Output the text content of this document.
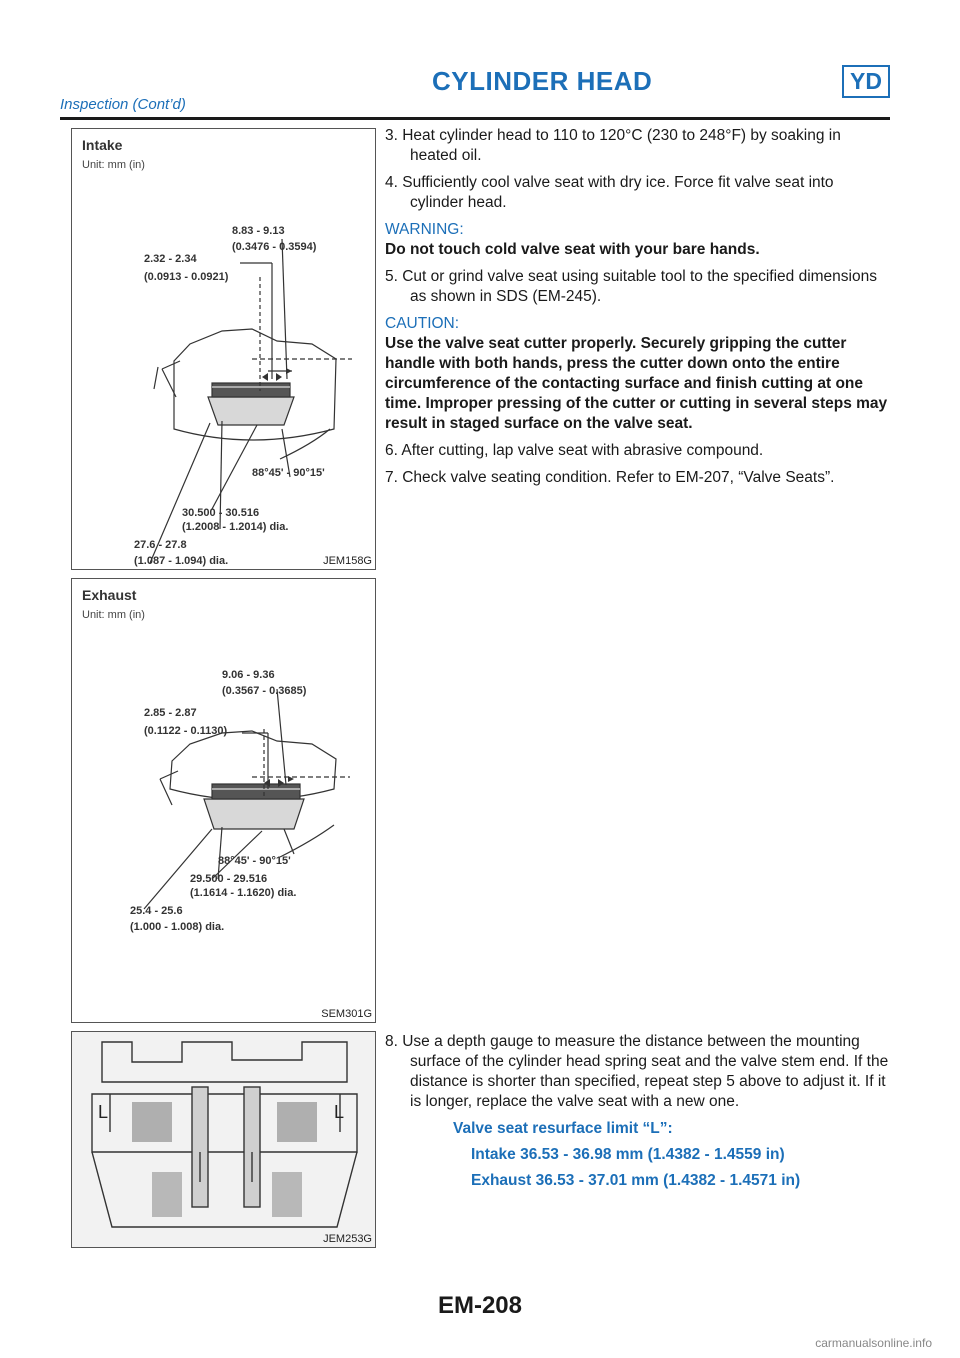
CYLINDER HEAD	YD
Inspection (Cont’d)
Intake
Unit: mm (in)
8.83 - 9.13
(0.3476 - 0.3594)
2.32 - 2.34
(0.0913 - 0.0921)
88°45' - 90°15'
30.500 - 30.516
(1.2008 - 1.2014) dia.
27.6 - 27.8
(1.087 - 1.094) dia.	JEM158G
Exhaust
Unit: mm (in)
9.06 - 9.36
(0.3567 - 0.3685)
2.85 - 2.87
(0.1122 - 0.1130)
88°45' - 90°15'
29.500 - 29.516
(1.1614 - 1.1620) dia.
25.4 - 25.6
(1.000 - 1.008) dia.
SEM301G
L	L
JEM253G

3. Heat cylinder head to 110 to 120°C (230 to 248°F) by soaking in heated oil.

4. Sufficiently cool valve seat with dry ice. Force fit valve seat into cylinder head.

WARNING:

Do not touch cold valve seat with your bare hands.

5. Cut or grind valve seat using suitable tool to the specified dimensions as shown in SDS (EM-245).

CAUTION:

Use the valve seat cutter properly. Securely gripping the cutter handle with both hands, press the cutter down onto the entire circumference of the contacting surface and finish cutting at one time. Improper pressing of the cutter or cutting in several steps may result in staged surface on the valve seat.

6. After cutting, lap valve seat with abrasive compound.

7. Check valve seating condition. Refer to EM-207, “Valve Seats”.

8. Use a depth gauge to measure the distance between the mounting surface of the cylinder head spring seat and the valve stem end. If the distance is shorter than specified, repeat step 5 above to adjust it. If it is longer, replace the valve seat with a new one.

Valve seat resurface limit “L”:

Intake 36.53 - 36.98 mm (1.4382 - 1.4559 in)

Exhaust 36.53 - 37.01 mm (1.4382 - 1.4571 in)

EM-208
carmanualsonline.info
